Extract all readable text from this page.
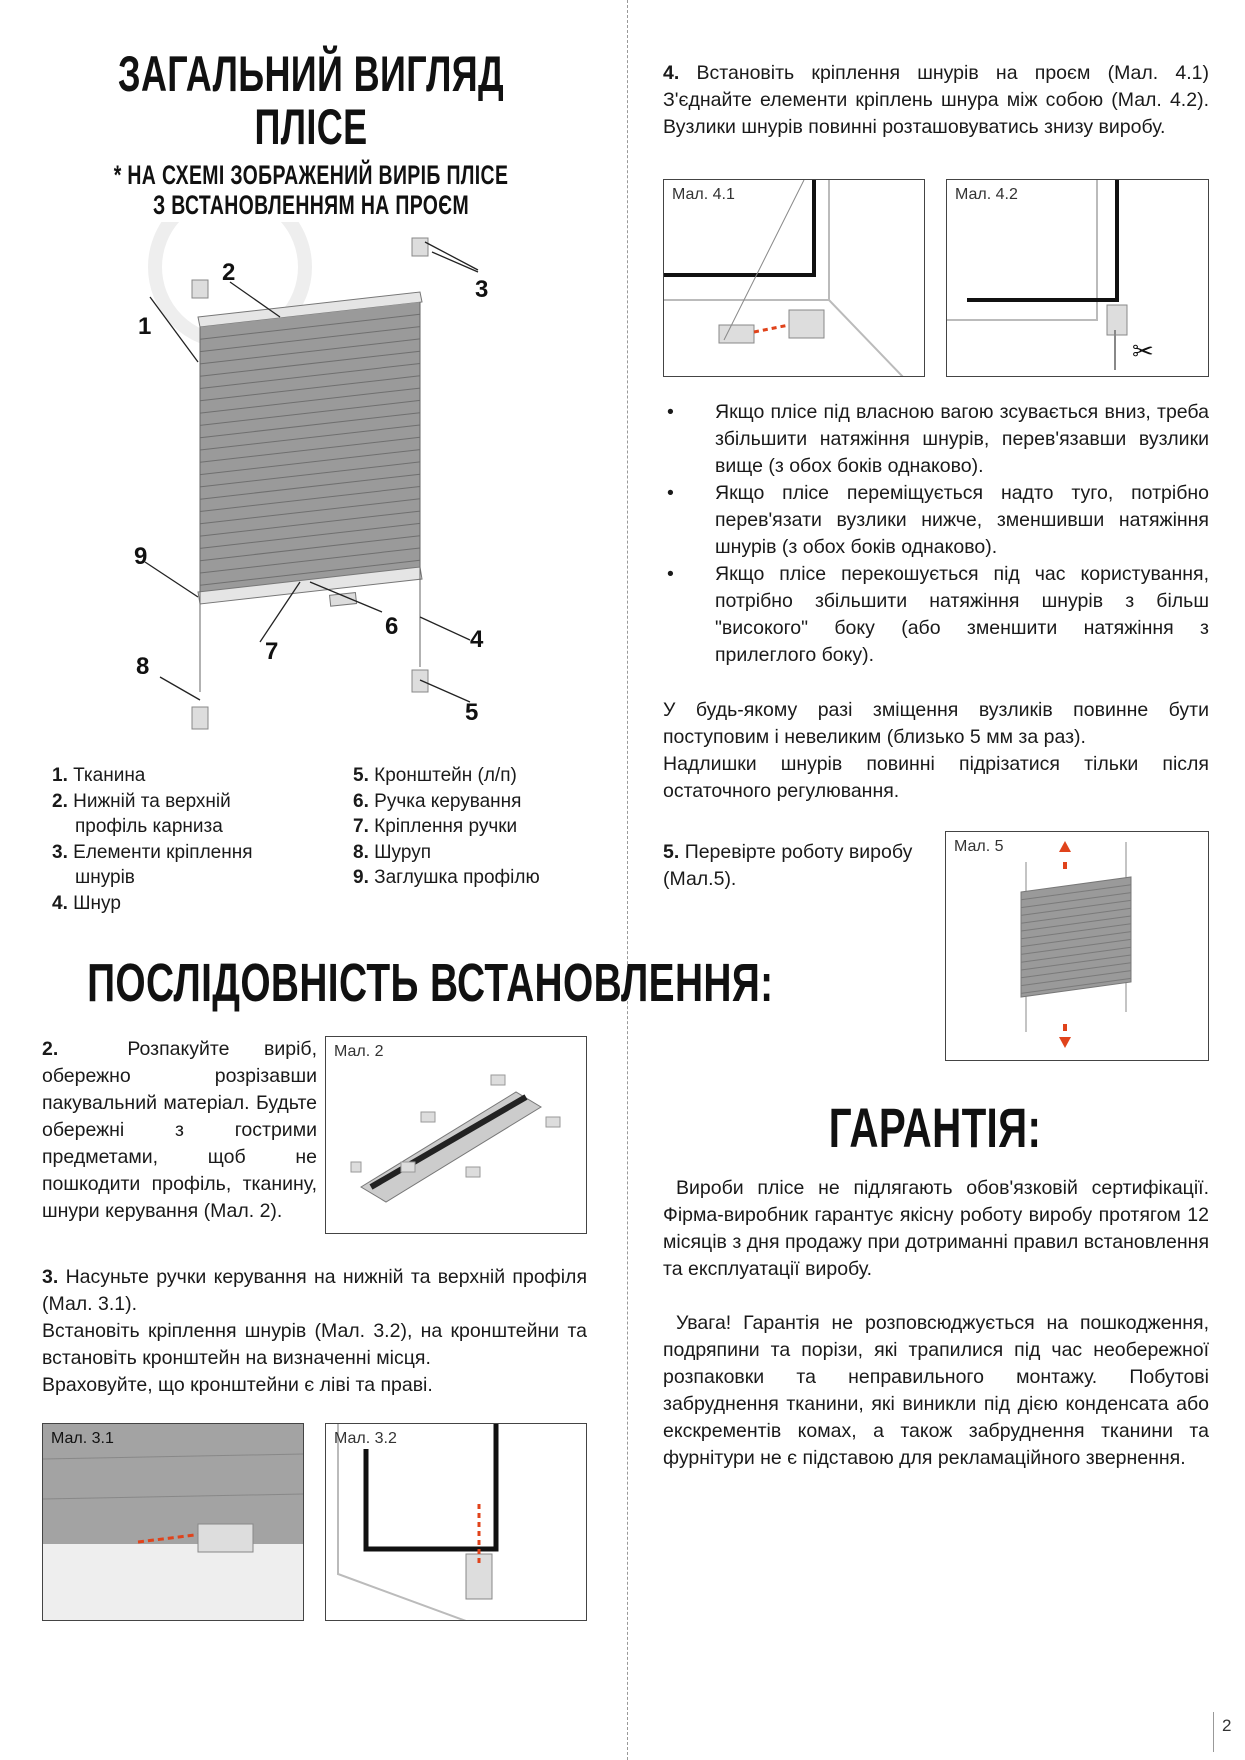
ЗАГАЛЬНИЙ ВИГЛЯД
ПЛІСЕ
* НА СХЕМІ ЗОБРАЖЕНИЙ ВИРІБ ПЛІСЕ
З ВСТАНОВЛЕННЯМ НА ПРОЄМ
1
2
3
4
5
6
7
8
9
1. Тканина
2. Нижній та верхній
профіль карниза
3. Елементи кріплення
шнурів
4. Шнур
5. Кронштейн (л/п)
6. Ручка керування
7. Кріплення ручки
8. Шуруп
9. Заглушка профілю
ПОСЛІДОВНІСТЬ ВСТАНОВЛЕННЯ:
2.	Розпакуйте виріб, обережно розрізавши пакувальний матеріал. Будьте обережні з гострими предметами, щоб не пошкодити профіль, тканину, шнури керування (Мал. 2).
Мал. 2
3. Насуньте ручки керування на нижній та верхній профіля (Мал. 3.1).
Встановіть кріплення шнурів (Мал. 3.2), на кронштейни та встановіть кронштейн на визначенні місця.
Враховуйте, що кронштейни є ліві та праві.
Мал. 3.1	Мал. 3.2
4. Встановіть кріплення шнурів на проєм (Мал. 4.1) З'єднайте елементи кріплень шнура між собою (Мал. 4.2). Вузлики шнурів повинні розташовуватись знизу виробу.
Мал. 4.1	Мал. 4.2
✂
• Якщо плісе під власною вагою зсувається вниз, треба збільшити натяжіння шнурів, перев'язавши вузлики вище (з обох боків однаково).
• Якщо плісе переміщується надто туго, потрібно перев'язати вузлики нижче, зменшивши натяжіння шнурів (з обох боків однаково).
• Якщо плісе перекошується під час користування, потрібно збільшити натяжіння шнурів з більш "високого" боку (або зменшити натяжіння з прилеглого боку).
У будь-якому разі зміщення вузликів повинне бути поступовим і невеликим (близько 5 мм за раз).
Надлишки шнурів повинні підрізатися тільки після остаточного регулювання.
5. Перевірте роботу виробу (Мал.5).
Мал. 5
ГАРАНТІЯ:
Вироби плісе не підлягають обов'язковій сертифікації. Фірма-виробник гарантує якісну роботу виробу протягом 12 місяців з дня продажу при дотриманні правил встановлення та експлуатації виробу.
Увага! Гарантія не розповсюджується на пошкодження, подряпини та порізи, які трапилися під час необережної розпаковки та неправильного монтажу. Побутові забруднення тканини, які виникли під дією конденсата або екскрементів комах, а також забруднення тканини та фурнітури не є підставою для рекламаційного звернення.
2
